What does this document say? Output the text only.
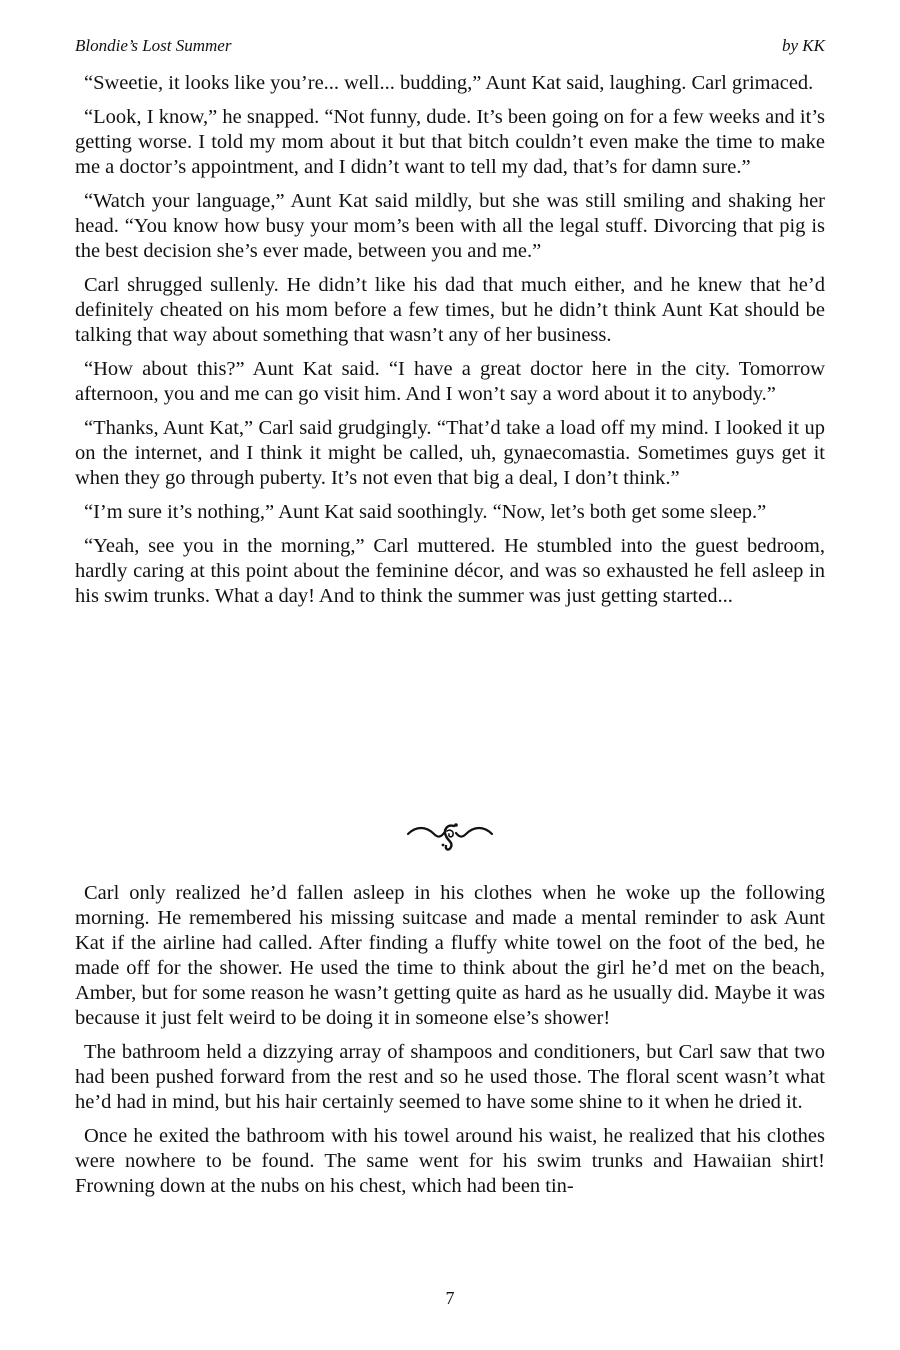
Blondie’s Lost Summer	by KK

“Sweetie, it looks like you’re... well... budding,” Aunt Kat said, laughing. Carl grimaced.

“Look, I know,” he snapped. “Not funny, dude. It’s been going on for a few weeks and it’s getting worse. I told my mom about it but that bitch couldn’t even make the time to make me a doctor’s appointment, and I didn’t want to tell my dad, that’s for damn sure.”

“Watch your language,” Aunt Kat said mildly, but she was still smiling and shaking her head. “You know how busy your mom’s been with all the legal stuff. Divorcing that pig is the best decision she’s ever made, between you and me.”

Carl shrugged sullenly. He didn’t like his dad that much either, and he knew that he’d definitely cheated on his mom before a few times, but he didn’t think Aunt Kat should be talking that way about something that wasn’t any of her business.

“How about this?” Aunt Kat said. “I have a great doctor here in the city. Tomorrow afternoon, you and me can go visit him. And I won’t say a word about it to anybody.”

“Thanks, Aunt Kat,” Carl said grudgingly. “That’d take a load off my mind. I looked it up on the internet, and I think it might be called, uh, gynaecomastia. Sometimes guys get it when they go through puberty. It’s not even that big a deal, I don’t think.”

“I’m sure it’s nothing,” Aunt Kat said soothingly. “Now, let’s both get some sleep.”

“Yeah, see you in the morning,” Carl muttered. He stumbled into the guest bedroom, hardly caring at this point about the feminine décor, and was so exhausted he fell asleep in his swim trunks. What a day! And to think the summer was just getting started...

Carl only realized he’d fallen asleep in his clothes when he woke up the following morning. He remembered his missing suitcase and made a mental reminder to ask Aunt Kat if the airline had called. After finding a fluffy white towel on the foot of the bed, he made off for the shower. He used the time to think about the girl he’d met on the beach, Amber, but for some reason he wasn’t getting quite as hard as he usually did. Maybe it was because it just felt weird to be doing it in someone else’s shower!

The bathroom held a dizzying array of shampoos and conditioners, but Carl saw that two had been pushed forward from the rest and so he used those. The floral scent wasn’t what he’d had in mind, but his hair certainly seemed to have some shine to it when he dried it.

Once he exited the bathroom with his towel around his waist, he realized that his clothes were nowhere to be found. The same went for his swim trunks and Hawaiian shirt! Frowning down at the nubs on his chest, which had been tin-

7
